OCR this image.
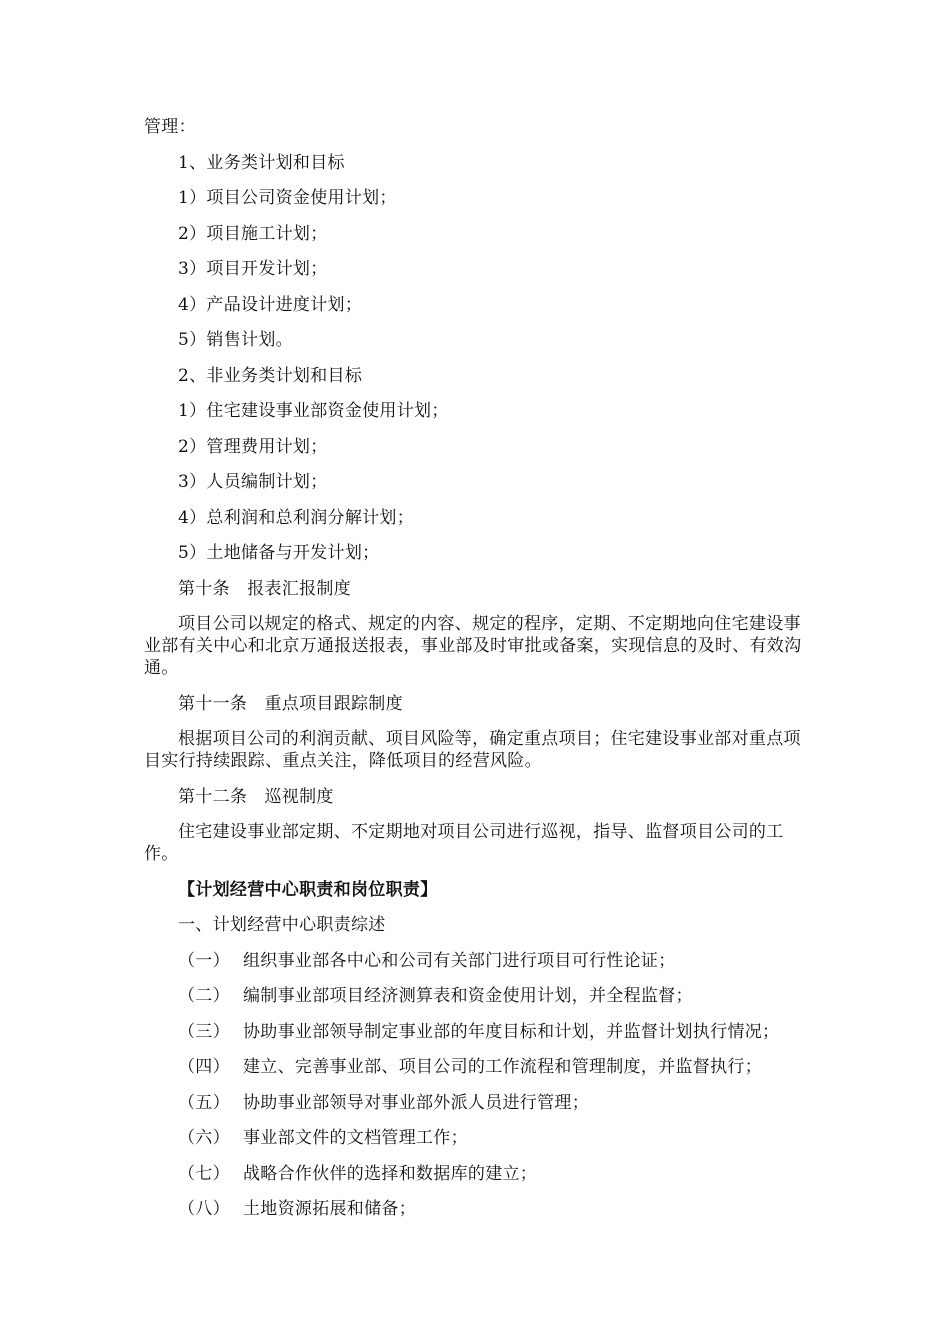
管理：

1、业务类计划和目标

1）项目公司资金使用计划；

2）项目施工计划；

3）项目开发计划；

4）产品设计进度计划；

5）销售计划。

2、非业务类计划和目标

1）住宅建设事业部资金使用计划；

2）管理费用计划；

3）人员编制计划；

4）总利润和总利润分解计划；

5）土地储备与开发计划；

第十条　报表汇报制度

项目公司以规定的格式、规定的内容、规定的程序，定期、不定期地向住宅建设事业部有关中心和北京万通报送报表，事业部及时审批或备案，实现信息的及时、有效沟通。

第十一条　重点项目跟踪制度

根据项目公司的利润贡献、项目风险等，确定重点项目；住宅建设事业部对重点项目实行持续跟踪、重点关注，降低项目的经营风险。

第十二条　巡视制度

住宅建设事业部定期、不定期地对项目公司进行巡视，指导、监督项目公司的工作。

【计划经营中心职责和岗位职责】

一、计划经营中心职责综述

（一） 组织事业部各中心和公司有关部门进行项目可行性论证；

（二） 编制事业部项目经济测算表和资金使用计划，并全程监督；

（三） 协助事业部领导制定事业部的年度目标和计划，并监督计划执行情况；

（四） 建立、完善事业部、项目公司的工作流程和管理制度，并监督执行；

（五） 协助事业部领导对事业部外派人员进行管理；

（六） 事业部文件的文档管理工作；

（七） 战略合作伙伴的选择和数据库的建立；

（八） 土地资源拓展和储备；
